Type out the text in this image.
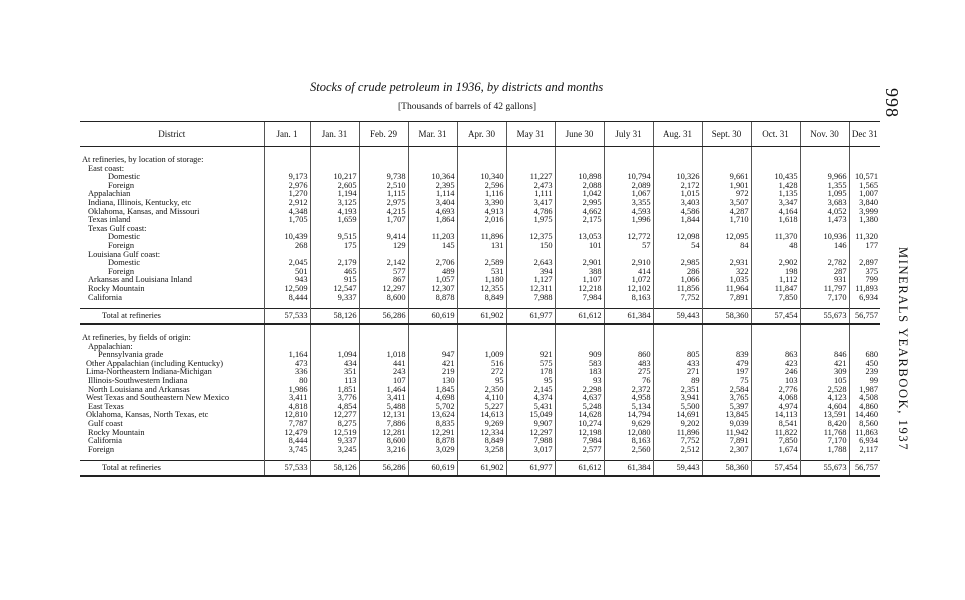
998
MINERALS YEARBOOK, 1937
Stocks of crude petroleum in 1936, by districts and months
[Thousands of barrels of 42 gallons]
District	Jan. 1	Jan. 31	Feb. 29	Mar. 31	Apr. 30	May 31	June 30	July 31	Aug. 31	Sept. 30	Oct. 31	Nov. 30	Dec 31

At refineries, by location of storage:													
East coast:													
Domestic	9,173	10,217	9,738	10,364	10,340	11,227	10,898	10,794	10,326	9,661	10,435	9,966	10,571
Foreign	2,976	2,605	2,510	2,395	2,596	2,473	2,088	2,089	2,172	1,901	1,428	1,355	1,565
Appalachian	1,270	1,194	1,115	1,114	1,116	1,111	1,042	1,067	1,015	972	1,135	1,095	1,007
Indiana, Illinois, Kentucky, etc	2,912	3,125	2,975	3,404	3,390	3,417	2,995	3,355	3,403	3,507	3,347	3,683	3,840
Oklahoma, Kansas, and Missouri	4,348	4,193	4,215	4,693	4,913	4,786	4,662	4,593	4,586	4,287	4,164	4,052	3,999
Texas inland	1,705	1,659	1,707	1,864	2,016	1,975	2,175	1,996	1,844	1,710	1,618	1,473	1,380
Texas Gulf coast:													
Domestic	10,439	9,515	9,414	11,203	11,896	12,375	13,053	12,772	12,098	12,095	11,370	10,936	11,320
Foreign	268	175	129	145	131	150	101	57	54	84	48	146	177
Louisiana Gulf coast:													
Domestic	2,045	2,179	2,142	2,706	2,589	2,643	2,901	2,910	2,985	2,931	2,902	2,782	2,897
Foreign	501	465	577	489	531	394	388	414	286	322	198	287	375
Arkansas and Louisiana Inland	943	915	867	1,057	1,180	1,127	1,107	1,072	1,066	1,035	1,112	931	799
Rocky Mountain	12,509	12,547	12,297	12,307	12,355	12,311	12,218	12,102	11,856	11,964	11,847	11,797	11,893
California	8,444	9,337	8,600	8,878	8,849	7,988	7,984	8,163	7,752	7,891	7,850	7,170	6,934

Total at refineries	57,533	58,126	56,286	60,619	61,902	61,977	61,612	61,384	59,443	58,360	57,454	55,673	56,757

At refineries, by fields of origin:													
Appalachian:													
Pennsylvania grade	1,164	1,094	1,018	947	1,009	921	909	860	805	839	863	846	680
Other Appalachian (including Kentucky)	473	434	441	421	516	575	583	483	433	479	423	421	450
Lima-Northeastern Indiana-Michigan	336	351	243	219	272	178	183	275	271	197	246	309	239
Illinois-Southwestern Indiana	80	113	107	130	95	95	93	76	89	75	103	105	99
North Louisiana and Arkansas	1,986	1,851	1,464	1,845	2,350	2,145	2,298	2,372	2,351	2,584	2,776	2,528	1,987
West Texas and Southeastern New Mexico	3,411	3,776	3,411	4,698	4,110	4,374	4,637	4,958	3,941	3,765	4,068	4,123	4,508
East Texas	4,818	4,854	5,488	5,702	5,227	5,431	5,248	5,134	5,500	5,397	4,974	4,604	4,860
Oklahoma, Kansas, North Texas, etc	12,810	12,277	12,131	13,624	14,613	15,049	14,628	14,794	14,691	13,845	14,113	13,591	14,460
Gulf coast	7,787	8,275	7,886	8,835	9,269	9,907	10,274	9,629	9,202	9,039	8,541	8,420	8,560
Rocky Mountain	12,479	12,519	12,281	12,291	12,334	12,297	12,198	12,080	11,896	11,942	11,822	11,768	11,863
California	8,444	9,337	8,600	8,878	8,849	7,988	7,984	8,163	7,752	7,891	7,850	7,170	6,934
Foreign	3,745	3,245	3,216	3,029	3,258	3,017	2,577	2,560	2,512	2,307	1,674	1,788	2,117

Total at refineries	57,533	58,126	56,286	60,619	61,902	61,977	61,612	61,384	59,443	58,360	57,454	55,673	56,757
